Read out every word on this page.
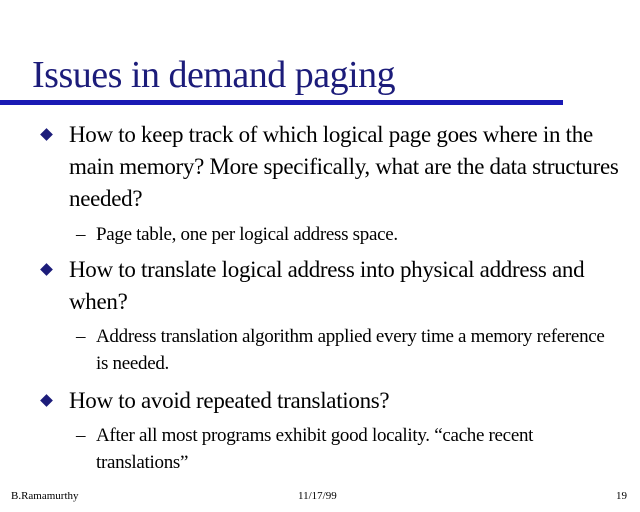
Issues in demand paging
How to keep track of which logical page goes where in the main memory? More specifically, what are the data structures needed?
– Page table, one per logical address space.
How to translate logical address into physical address and when?
– Address translation algorithm applied every time a memory reference is needed.
How to avoid repeated translations?
– After all most programs exhibit good locality. “cache recent translations”
B.Ramamurthy	11/17/99	19
